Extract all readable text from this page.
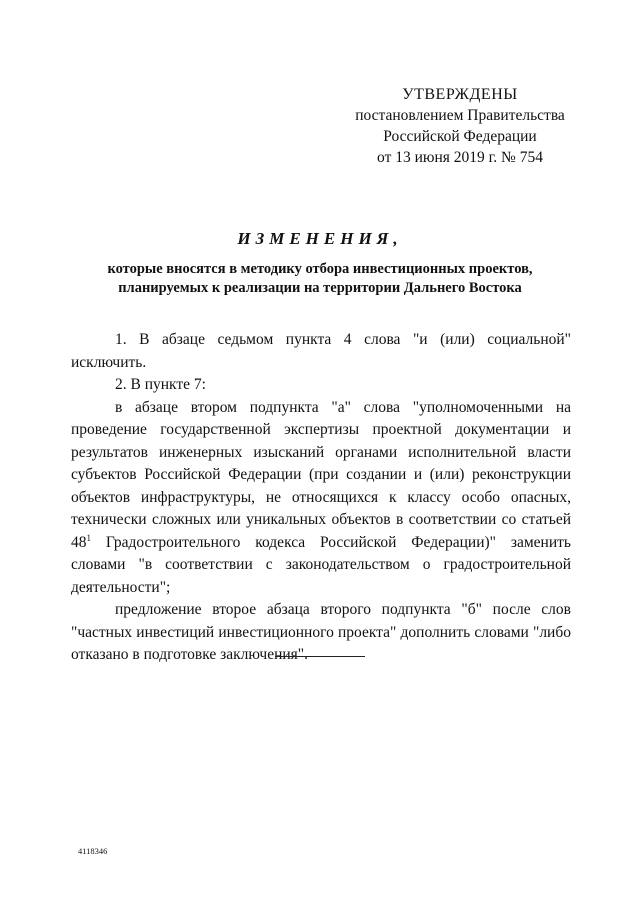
УТВЕРЖДЕНЫ
постановлением Правительства
Российской Федерации
от 13 июня 2019 г. № 754
ИЗМЕНЕНИЯ,
которые вносятся в методику отбора инвестиционных проектов,
планируемых к реализации на территории Дальнего Востока

1. В абзаце седьмом пункта 4 слова "и (или) социальной" исключить.

2. В пункте 7:

в абзаце втором подпункта "а" слова "уполномоченными на проведение государственной экспертизы проектной документации и результатов инженерных изысканий органами исполнительной власти субъектов Российской Федерации (при создании и (или) реконструкции объектов инфраструктуры, не относящихся к классу особо опасных, технически сложных или уникальных объектов в соответствии со статьей $48^1$ Градостроительного кодекса Российской Федерации)" заменить словами "в соответствии с законодательством о градостроительной деятельности";

предложение второе абзаца второго подпункта "б" после слов "частных инвестиций инвестиционного проекта" дополнить словами "либо отказано в подготовке заключения".

4118346
